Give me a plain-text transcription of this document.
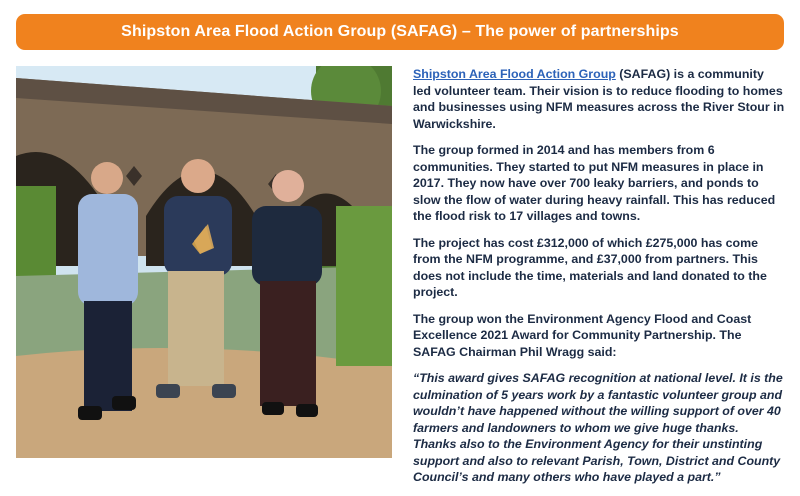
Shipston Area Flood Action Group (SAFAG) – The power of partnerships

Shipston Area Flood Action Group (SAFAG) is a community led volunteer team. Their vision is to reduce flooding to homes and businesses using NFM measures across the River Stour in Warwickshire.

The group formed in 2014 and has members from 6 communities. They started to put NFM measures in place in 2017. They now have over 700 leaky barriers, and ponds to slow the flow of water during heavy rainfall. This has reduced the flood risk to 17 villages and towns.

The project has cost £312,000 of which £275,000 has come from the NFM programme, and £37,000 from partners. This does not include the time, materials and land donated to the project.

The group won the Environment Agency Flood and Coast Excellence 2021 Award for Community Partnership. The SAFAG Chairman Phil Wragg said:

“This award gives SAFAG recognition at national level. It is the culmination of 5 years work by a fantastic volunteer group and wouldn’t have happened without the willing support of over 40 farmers and landowners to whom we give huge thanks. Thanks also to the Environment Agency for their unstinting support and also to relevant Parish, Town, District and County Council’s and many others who have played a part.”
